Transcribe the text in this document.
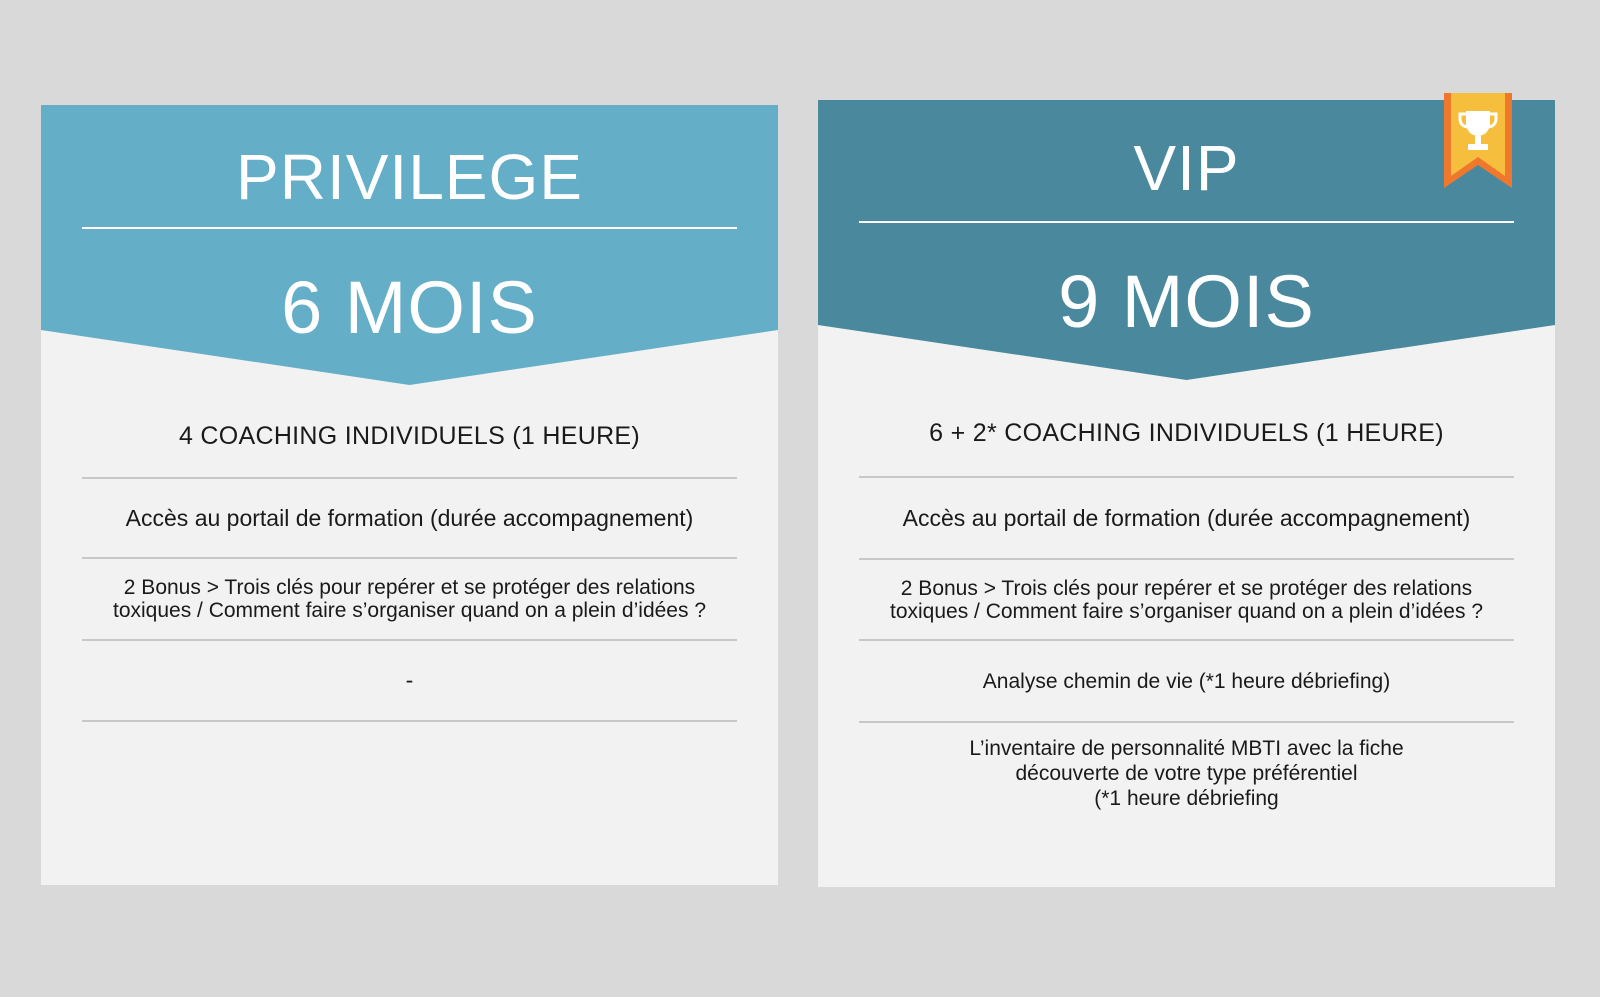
PRIVILEGE
6 MOIS
4 COACHING INDIVIDUELS (1 HEURE)
Accès au portail de formation (durée accompagnement)
2 Bonus > Trois clés pour repérer et se protéger des relations
toxiques / Comment faire s’organiser quand on a plein d’idées ?
-
VIP
9 MOIS
6 + 2* COACHING INDIVIDUELS (1 HEURE)
Accès au portail de formation (durée accompagnement)
2 Bonus > Trois clés pour repérer et se protéger des relations
toxiques / Comment faire s’organiser quand on a plein d’idées ?
Analyse chemin de vie (*1 heure débriefing)
L’inventaire de personnalité MBTI avec la fiche
découverte de votre type préférentiel
(*1 heure débriefing
